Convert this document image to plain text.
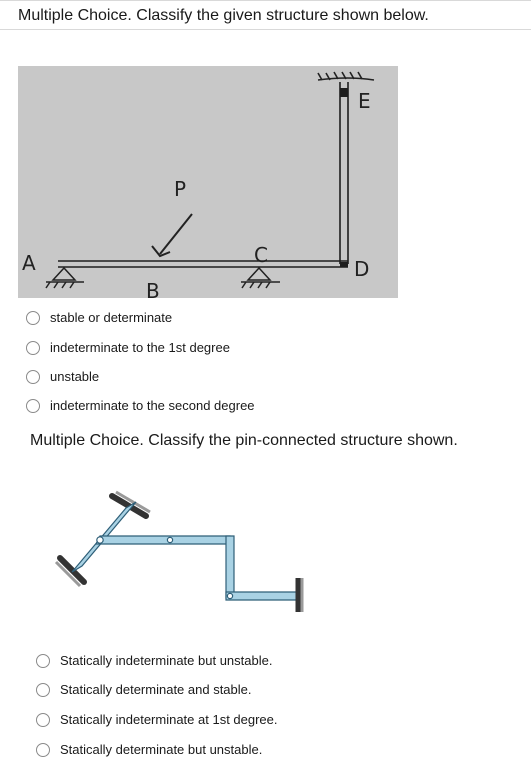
Multiple Choice. Classify the given structure shown below.
A
B
C
D
E
P
stable or determinate
indeterminate to the 1st degree
unstable
indeterminate to the second degree
Multiple Choice. Classify the pin-connected structure shown.
Statically indeterminate but unstable.
Statically determinate and stable.
Statically indeterminate at 1st degree.
Statically determinate but unstable.
